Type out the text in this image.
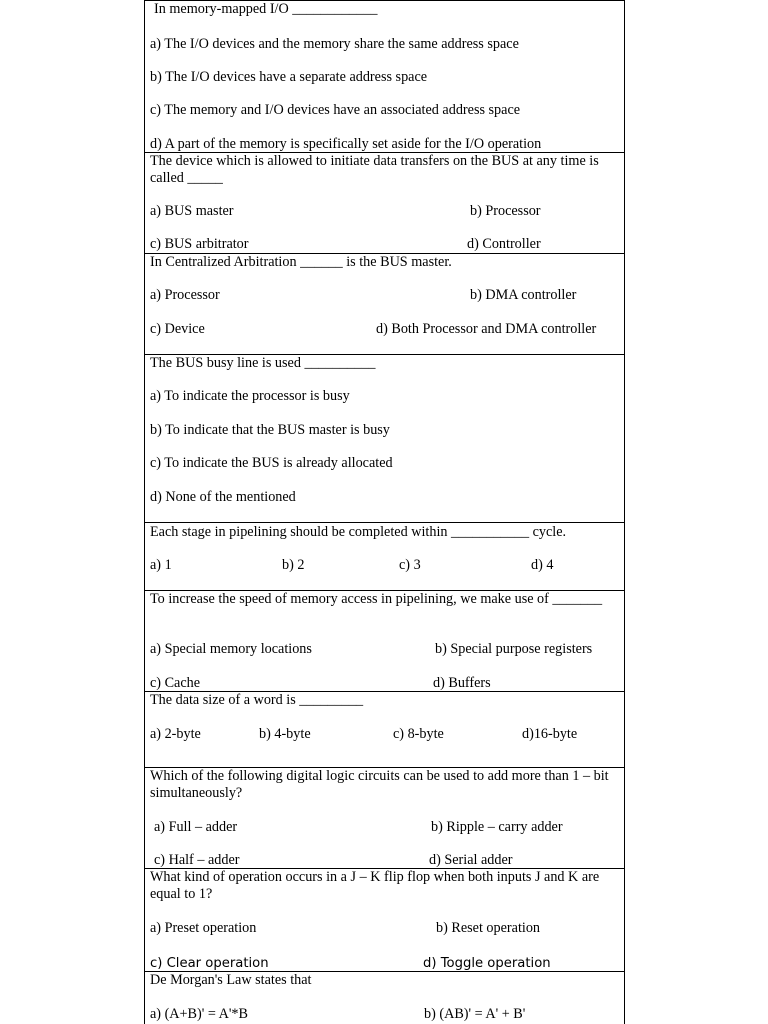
In memory-mapped I/O ____________
a) The I/O devices and the memory share the same address space
b) The I/O devices have a separate address space
c) The memory and I/O devices have an associated address space
d) A part of the memory is specifically set aside for the I/O operation
The device which is allowed to initiate data transfers on the BUS at any time is called _____
a) BUS master	b) Processor
c) BUS arbitrator	d) Controller
In Centralized Arbitration ______ is the BUS master.
a) Processor	b) DMA controller
c) Device	d) Both Processor and DMA controller
The BUS busy line is used __________
a) To indicate the processor is busy
b) To indicate that the BUS master is busy
c) To indicate the BUS is already allocated
d) None of the mentioned
Each stage in pipelining should be completed within ___________ cycle.
a) 1	b) 2	c) 3	d) 4
To increase the speed of memory access in pipelining, we make use of _______
a) Special memory locations	b) Special purpose registers
c) Cache	d) Buffers
The data size of a word is _________
a) 2-byte	b) 4-byte	c) 8-byte	d)16-byte
Which of the following digital logic circuits can be used to add more than 1 – bit simultaneously?
a) Full – adder	b) Ripple – carry adder
c) Half – adder	d) Serial adder
What kind of operation occurs in a J – K flip flop when both inputs J and K are equal to 1?
a) Preset operation	b) Reset operation
c) Clear operation	d) Toggle operation
De Morgan's Law states that
a) (A+B)' = A'*B	b) (AB)' = A' + B'
